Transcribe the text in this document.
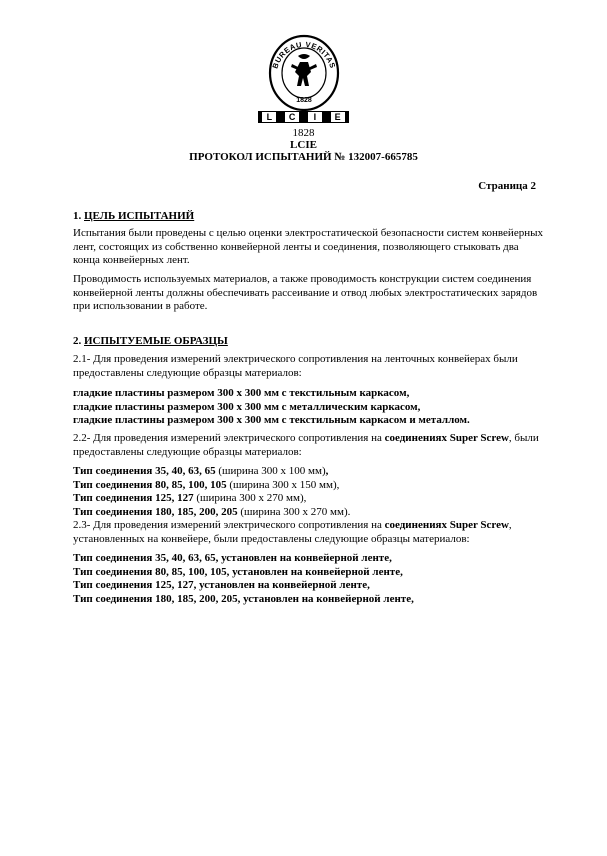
BUREAU VERITAS
1828
L	C	I	E
1828
LCIE
ПРОТОКОЛ ИСПЫТАНИЙ № 132007-665785
Страница 2
1. ЦЕЛЬ ИСПЫТАНИЙ

Испытания были проведены с целью оценки электростатической безопасности систем конвейерных лент, состоящих из собственно конвейерной ленты и соединения, позволяющего стыковать два конца конвейерных лент.

Проводимость используемых материалов, а также проводимость конструкции систем соединения конвейерной ленты должны обеспечивать рассеивание и отвод любых электростатических зарядов при использовании в работе.

2. ИСПЫТУЕМЫЕ ОБРАЗЦЫ

2.1- Для проведения измерений электрического сопротивления на ленточных конвейерах были предоставлены следующие образцы материалов:

гладкие пластины размером 300 x 300 мм с текстильным каркасом,
гладкие пластины размером 300 x 300 мм с металлическим каркасом,
гладкие пластины размером 300 x 300 мм с текстильным каркасом и металлом.

2.2- Для проведения измерений электрического сопротивления на соединениях Super Screw, были предоставлены следующие образцы материалов:

Тип соединения 35, 40, 63, 65 (ширина 300 x 100 мм),
Тип соединения 80, 85, 100, 105 (ширина 300 x 150 мм),
Тип соединения 125, 127 (ширина 300 x 270 мм),
Тип соединения 180, 185, 200, 205 (ширина 300 x 270 мм).

2.3- Для проведения измерений электрического сопротивления на соединениях Super Screw, установленных на конвейере, были предоставлены следующие образцы материалов:

Тип соединения 35, 40, 63, 65, установлен на конвейерной ленте,
Тип соединения 80, 85, 100, 105, установлен на конвейерной ленте,
Тип соединения 125, 127, установлен на конвейерной ленте,
Тип соединения 180, 185, 200, 205, установлен на конвейерной ленте,
